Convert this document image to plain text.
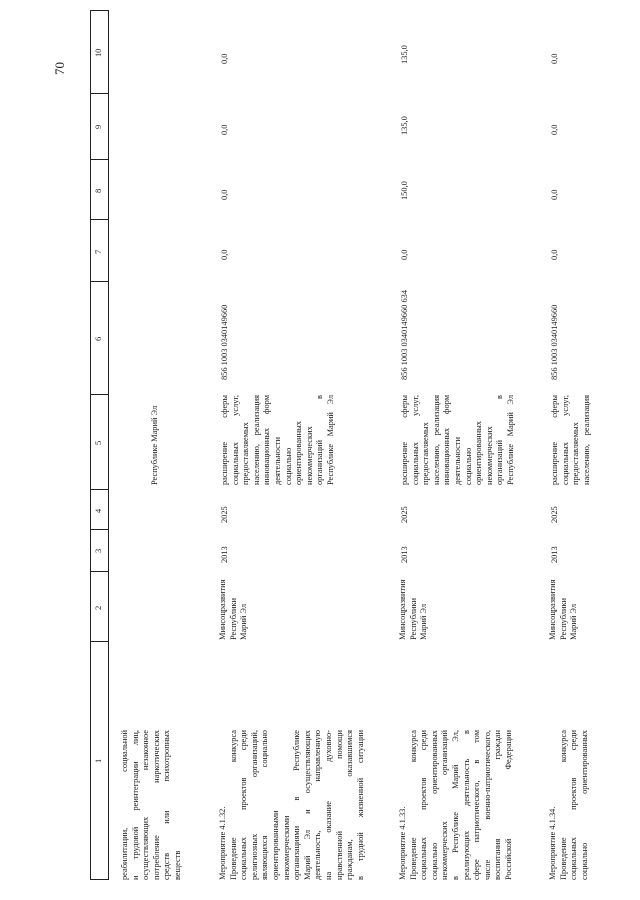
70
1
2
3
4
5
6
7
8
9
10
реабилитации, социальной
и трудовой реинтеграции лиц,
осуществляющих незаконное
потребление наркотических
средств или психотропных
веществ
Республике Марий Эл
Мероприятие 4.1.32. Проведение конкурса
социальных проектов среди
религиозных организаций,
являющихся социально
ориентированными
некоммерческими
организациями в Республике
Марий Эл и осуществляющих
деятельность, направленную
на оказание духовно-
нравственной помощи
гражданам, оказавшимся
в трудной жизненной ситуации
Минсоцразвития
Республики
Марий Эл
2013
2025
расширение сферы
социальных услуг,
предоставляемых
населению, реализация
инновационных форм
деятельности
социально
ориентированных
некоммерческих
организаций в
Республике Марий Эл
856 1003 0340149660
0,0
0,0
0,0
0,0
Мероприятие 4.1.33. Проведение конкурса
социальных проектов среди
социально ориентированных
некоммерческих организаций
в Республике Марий Эл,
реализующих деятельность в
сфере патриотического, в том
числе военно-патриотического,
воспитания граждан
Российской Федерации
Минсоцразвития
Республики
Марий Эл
2013
2025
расширение сферы
социальных услуг,
предоставляемых
населению, реализация
инновационных форм
деятельности
социально
ориентированных
некоммерческих
организаций в
Республике Марий Эл
856 1003 0340149660 634
0,0
150,0
135,0
135,0
Мероприятие 4.1.34. Проведение конкурса
социальных проектов среди
социально ориентированных
Минсоцразвития
Республики
Марий Эл
2013
2025
расширение сферы
социальных услуг,
предоставляемых
населению, реализация
856 1003 0340149660
0,0
0,0
0,0
0,0
